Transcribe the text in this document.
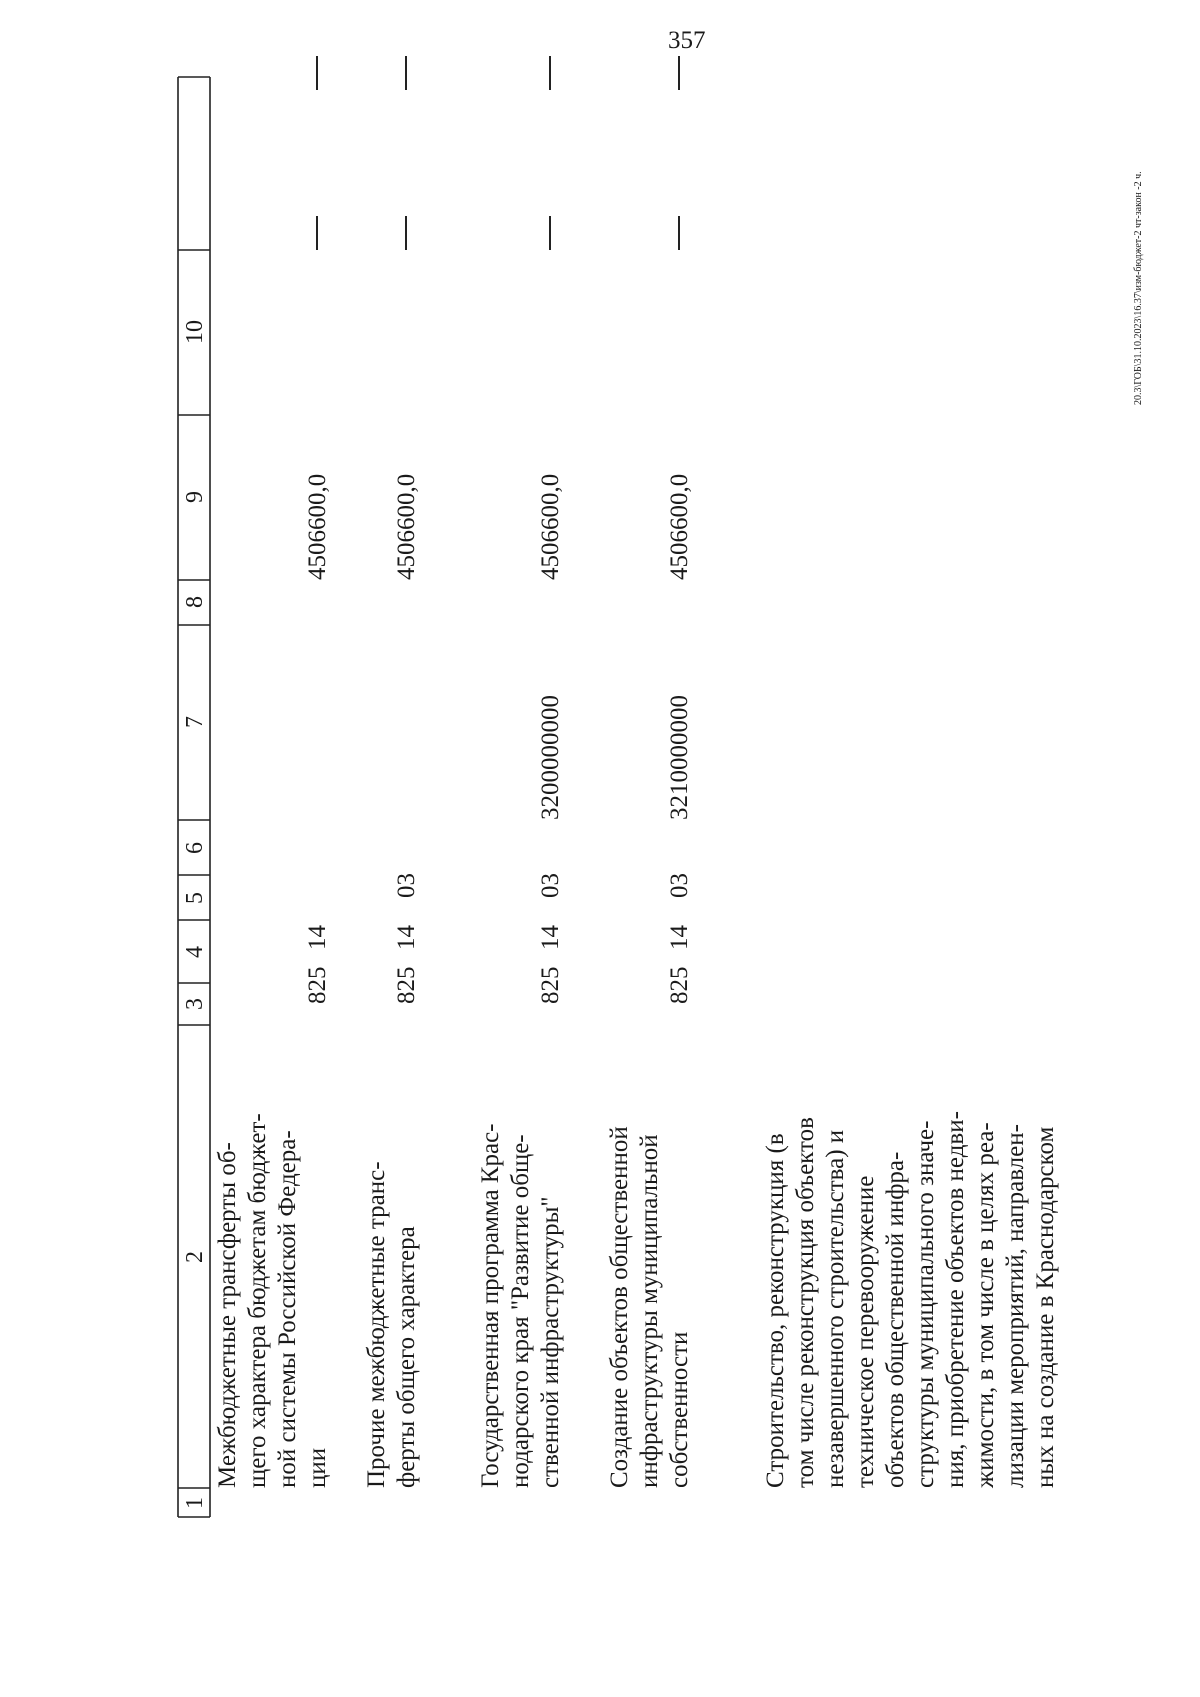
357
20.3\ГОБ\31.10.2023\16.37\изм-бюджет-2 чт-закон -2 ч.
1
2
3
4
5
6
7
8
9
10
Межбюджетные трансферты об- щего характера бюджетам бюджет- ной системы Российской Федера- ции
825
14
4506600,0
Прочие межбюджетные транс- ферты общего характера
825
14
03
4506600,0
Государственная программа Крас- нодарского края "Развитие обще- ственной инфраструктуры"
825
14
03
3200000000
4506600,0
Создание объектов общественной инфраструктуры муниципальной собственности
825
14
03
3210000000
4506600,0
Строительство, реконструкция (в том числе реконструкция объектов незавершенного строительства) и техническое перевооружение объектов общественной инфра- структуры муниципального значе- ния, приобретение объектов недви- жимости, в том числе в целях реа- лизации мероприятий, направлен- ных на создание в Краснодарском
